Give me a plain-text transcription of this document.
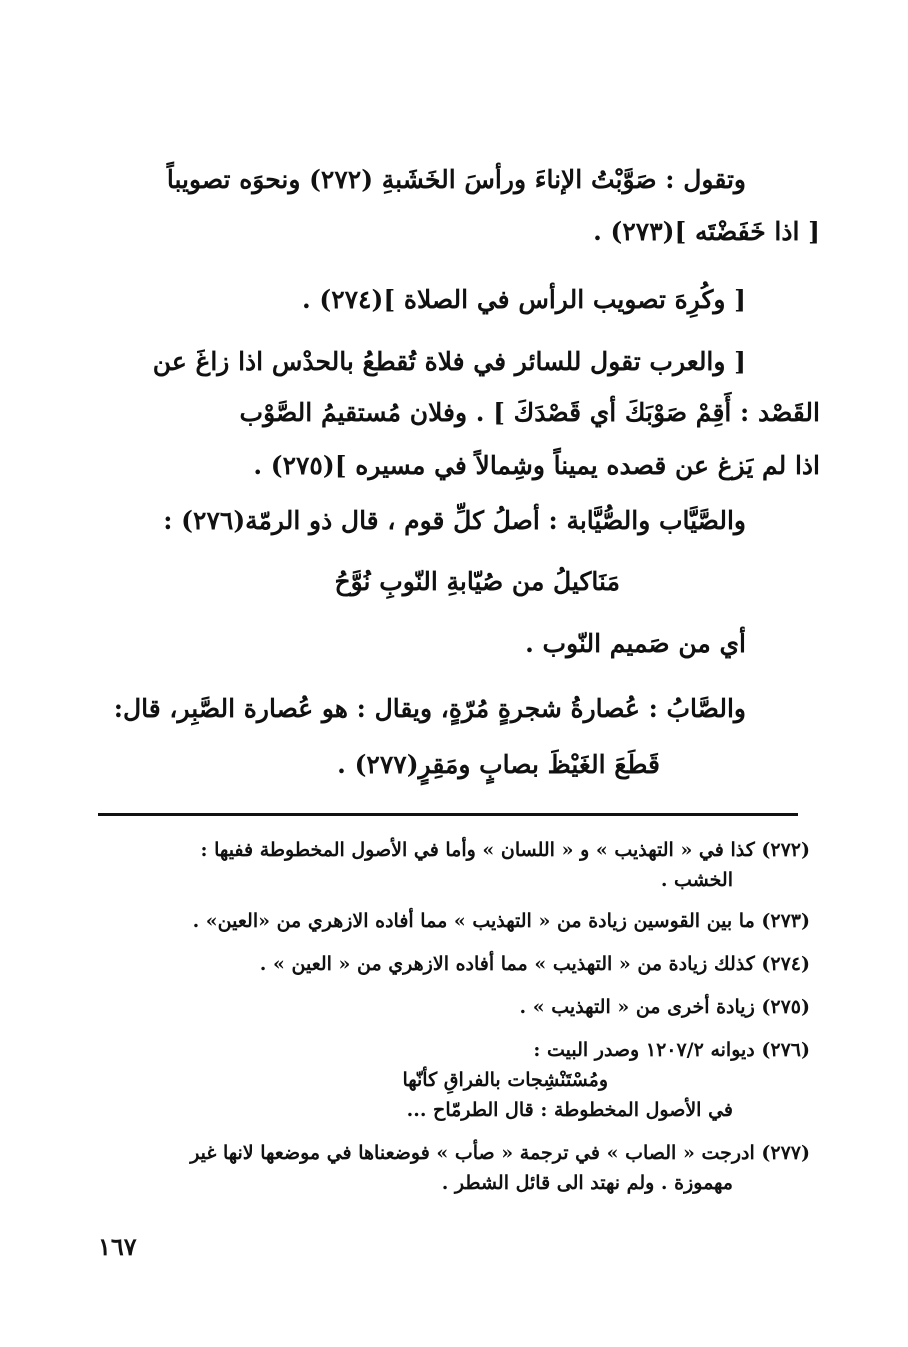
وتقول : صَوَّبْتُ الإناءَ ورأسَ الخَشَبةِ (٢٧٢) ونحوَه تصويباً
[ اذا خَفَضْتَه ](٢٧٣) .
[ وكُرِهَ تصويب الرأس في الصلاة ](٢٧٤) .
[ والعرب تقول للسائر في فلاة تُقطعُ بالحدْس اذا زاغَ عن
القَصْد : أَقِمْ صَوْبَكَ أي قَصْدَكَ ] . وفلان مُستقيمُ الصَّوْب
اذا لم يَزغ عن قصده يميناً وشِمالاً في مسيره ](٢٧٥) .
والصَّيَّاب والصُّيَّابة : أصلُ كلِّ قوم ، قال ذو الرمّة(٢٧٦) :
مَنَاكيلُ من صُيّابةِ النّوبِ نُوَّحُ
أي من صَميم النّوب .
والصَّابُ : عُصارةُ شجرةٍ مُرّةٍ، ويقال : هو عُصارة الصَّبِر، قال:
قَطَعَ الغَيْظَ بصابٍ ومَقِرٍ(٢٧٧) .
(٢٧٢) كذا في « التهذيب » و « اللسان » وأما في الأصول المخطوطة ففيها :
الخشب .
(٢٧٣) ما بين القوسين زيادة من « التهذيب » مما أفاده الازهري من «العين» .
(٢٧٤) كذلك زيادة من « التهذيب » مما أفاده الازهري من « العين » .
(٢٧٥) زيادة أخرى من « التهذيب » .
(٢٧٦) ديوانه ١٢٠٧/٢ وصدر البيت :
ومُسْتَنْشِجات بالفراقِ كأنّها
في الأصول المخطوطة : قال الطرمّاح ...
(٢٧٧) ادرجت « الصاب » في ترجمة « صأب » فوضعناها في موضعها لانها غير
مهموزة . ولم نهتد الى قائل الشطر .
١٦٧
